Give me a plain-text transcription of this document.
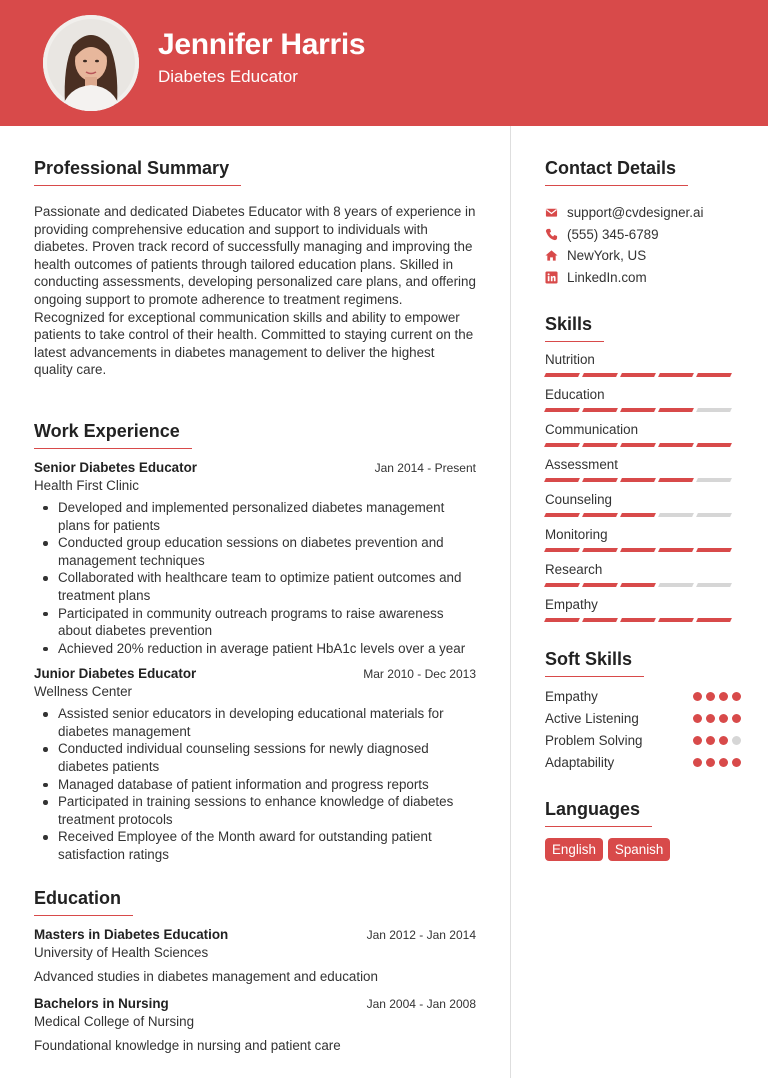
Jennifer Harris
Diabetes Educator
Professional Summary

Passionate and dedicated Diabetes Educator with 8 years of experience in providing comprehensive education and support to individuals with diabetes. Proven track record of successfully managing and improving the health outcomes of patients through tailored education plans. Skilled in conducting assessments, developing personalized care plans, and offering ongoing support to promote adherence to treatment regimens. Recognized for exceptional communication skills and ability to empower patients to take control of their health. Committed to staying current on the latest advancements in diabetes management to deliver the highest quality care.

Work Experience
Senior Diabetes Educator	Jan 2014 - Present
Health First Clinic
Developed and implemented personalized diabetes management plans for patients
Conducted group education sessions on diabetes prevention and management techniques
Collaborated with healthcare team to optimize patient outcomes and treatment plans
Participated in community outreach programs to raise awareness about diabetes prevention
Achieved 20% reduction in average patient HbA1c levels over a year
Junior Diabetes Educator	Mar 2010 - Dec 2013
Wellness Center
Assisted senior educators in developing educational materials for diabetes management
Conducted individual counseling sessions for newly diagnosed diabetes patients
Managed database of patient information and progress reports
Participated in training sessions to enhance knowledge of diabetes treatment protocols
Received Employee of the Month award for outstanding patient satisfaction ratings
Education
Masters in Diabetes Education	Jan 2012 - Jan 2014
University of Health Sciences
Advanced studies in diabetes management and education
Bachelors in Nursing	Jan 2004 - Jan 2008
Medical College of Nursing
Foundational knowledge in nursing and patient care
Contact Details
support@cvdesigner.ai
(555) 345-6789
NewYork, US
LinkedIn.com
Skills
Nutrition
Education
Communication
Assessment
Counseling
Monitoring
Research
Empathy
Soft Skills
Empathy
Active Listening
Problem Solving
Adaptability
Languages
English	Spanish
